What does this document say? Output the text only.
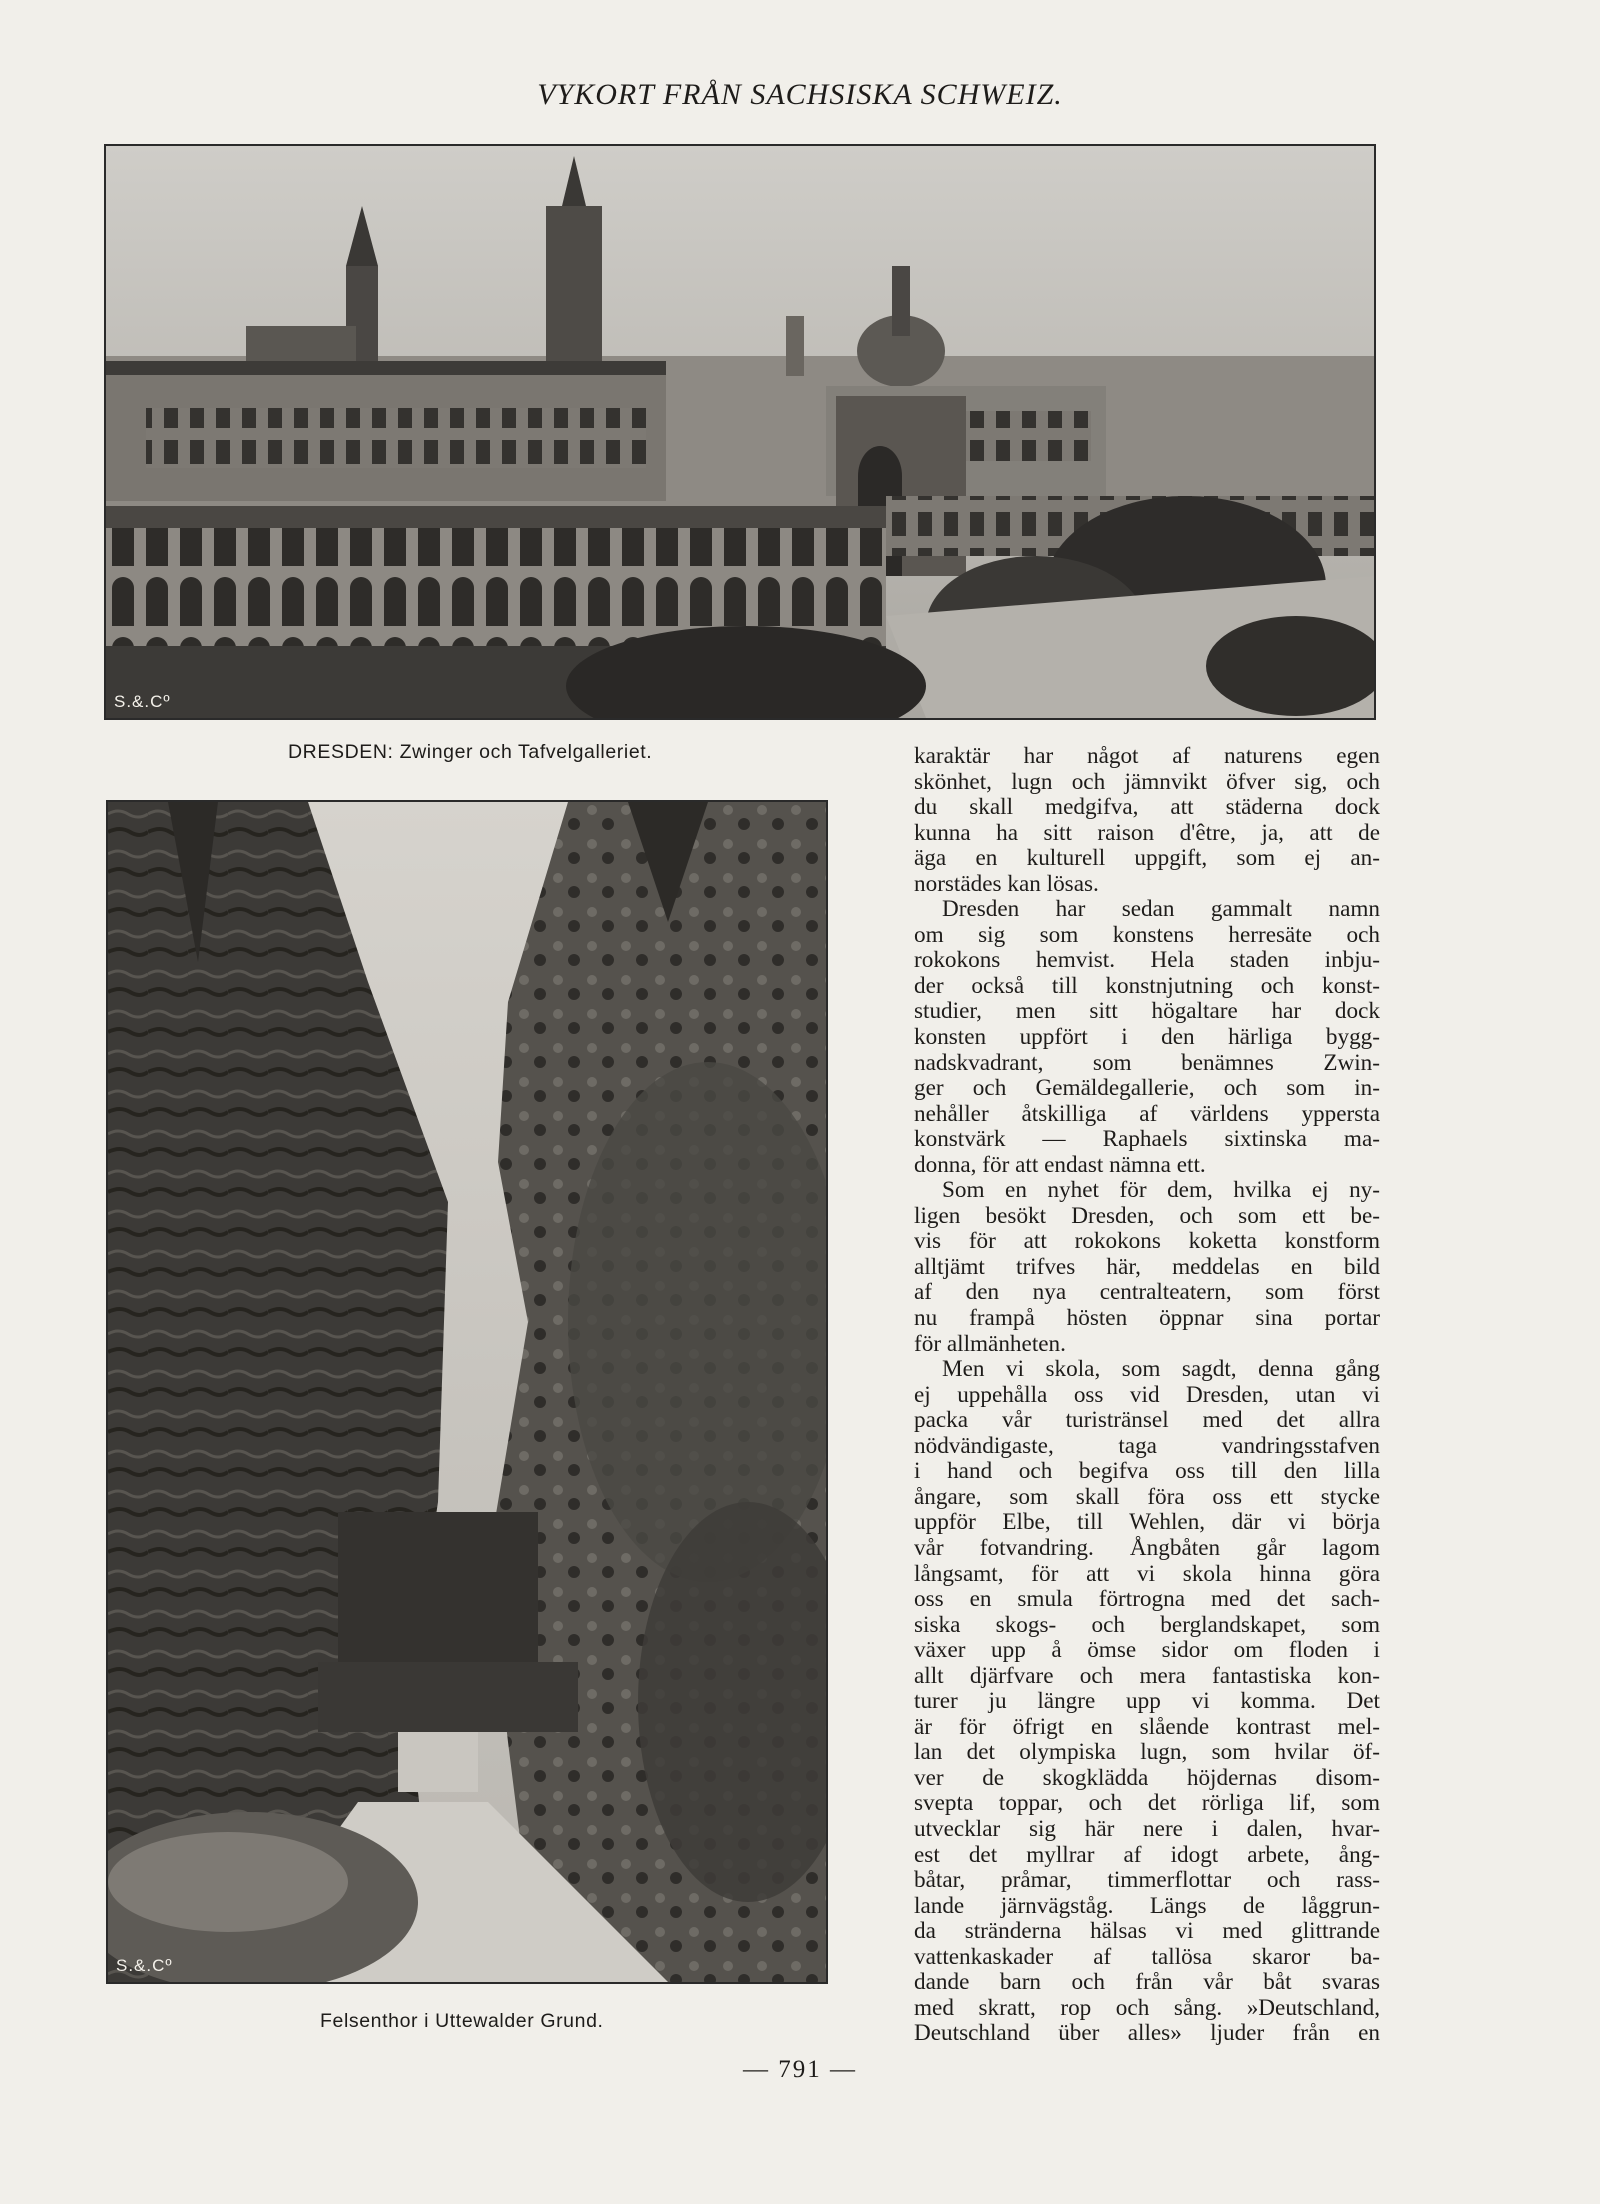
VYKORT FRÅN SACHSISKA SCHWEIZ.
S.&.Cº
DRESDEN: Zwinger och Tafvelgalleriet.
S.&.Cº
Felsenthor i Uttewalder Grund.
karaktär har något af naturens egen
skönhet, lugn och jämnvikt öfver sig, och
du skall medgifva, att städerna dock
kunna ha sitt raison d'être, ja, att de
äga en kulturell uppgift, som ej an-
norstädes kan lösas.
Dresden har sedan gammalt namn
om sig som konstens herresäte och
rokokons hemvist. Hela staden inbju-
der också till konstnjutning och konst-
studier, men sitt högaltare har dock
konsten uppfört i den härliga bygg-
nadskvadrant, som benämnes Zwin-
ger och Gemäldegallerie, och som in-
nehåller åtskilliga af världens yppersta
konstvärk — Raphaels sixtinska ma-
donna, för att endast nämna ett.
Som en nyhet för dem, hvilka ej ny-
ligen besökt Dresden, och som ett be-
vis för att rokokons koketta konstform
alltjämt trifves här, meddelas en bild
af den nya centralteatern, som först
nu frampå hösten öppnar sina portar
för allmänheten.
Men vi skola, som sagdt, denna gång
ej uppehålla oss vid Dresden, utan vi
packa vår turistränsel med det allra
nödvändigaste, taga vandringsstafven
i hand och begifva oss till den lilla
ångare, som skall föra oss ett stycke
uppför Elbe, till Wehlen, där vi börja
vår fotvandring. Ångbåten går lagom
långsamt, för att vi skola hinna göra
oss en smula förtrogna med det sach-
siska skogs- och berglandskapet, som
växer upp å ömse sidor om floden i
allt djärfvare och mera fantastiska kon-
turer ju längre upp vi komma. Det
är för öfrigt en slående kontrast mel-
lan det olympiska lugn, som hvilar öf-
ver de skogklädda höjdernas disom-
svepta toppar, och det rörliga lif, som
utvecklar sig här nere i dalen, hvar-
est det myllrar af idogt arbete, ång-
båtar, pråmar, timmerflottar och rass-
lande järnvägståg. Längs de låggrun-
da stränderna hälsas vi med glittrande
vattenkaskader af tallösa skaror ba-
dande barn och från vår båt svaras
med skratt, rop och sång. »Deutschland,
Deutschland über alles» ljuder från en
— 791 —
